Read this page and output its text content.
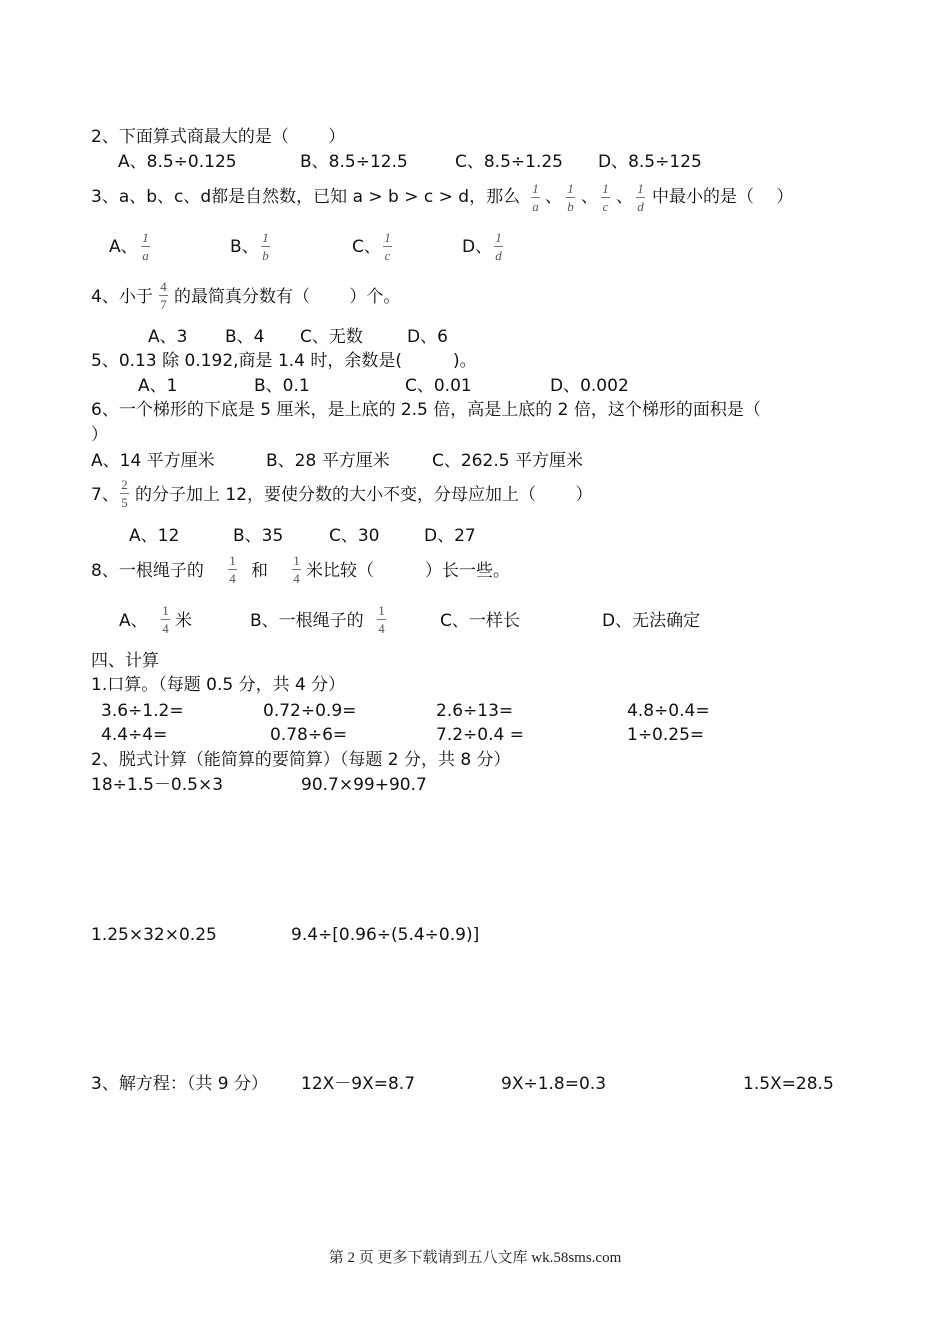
2、下面算式商最大的是（　　 ）
A、8.5÷0.125	B、8.5÷12.5	C、8.5÷1.25 D、8.5÷125
3、a、b、c、d都是自然数，已知 a > b > c > d，那么 1
a 、 1
b 、 1
c 、 1
d 中最小的是（　 ）
A、 1
a	B、 1
b	C、 1
c	D、 1
d
4、小于
4
7 的最简真分数有（　　 ）个。
A、3 B、4 C、无数	D、6
5、0.13 除 0.192,商是 1.4 时，余数是(　　　)。
A、1	B、0.1	C、0.01	D、0.002
6、一个梯形的下底是 5 厘米，是上底的 2.5 倍，高是上底的 2 倍，这个梯形的面积是（
）
A、14 平方厘米	B、28 平方厘米 C、262.5 平方厘米
7、
2
5 的分子加上 12，要使分数的大小不变，分母应加上（　　 ）
A、12	B、35	C、30	D、27
8、一根绳子的
1
4 和
1
4 米比较（　　　）长一些。
A、
1
4 米	B、一根绳子的
1
4	C、一样长	D、无法确定
四、计算
1.口算。（每题 0.5 分，共 4 分）
3.6÷1.2=	0.72÷0.9=	2.6÷13=	4.8÷0.4=
4.4÷4=	0.78÷6=	7.2÷0.4 =	1÷0.25=
2、脱式计算（能简算的要简算）（每题 2 分，共 8 分）
18÷1.5－0.5×3	90.7×99+90.7
1.25×32×0.25	9.4÷[0.96÷(5.4÷0.9)]
3、解方程：（共 9 分） 12X－9X=8.7	9X÷1.8=0.3	1.5X=28.5
第 2 页 更多下载请到五八文库 wk.58sms.com
